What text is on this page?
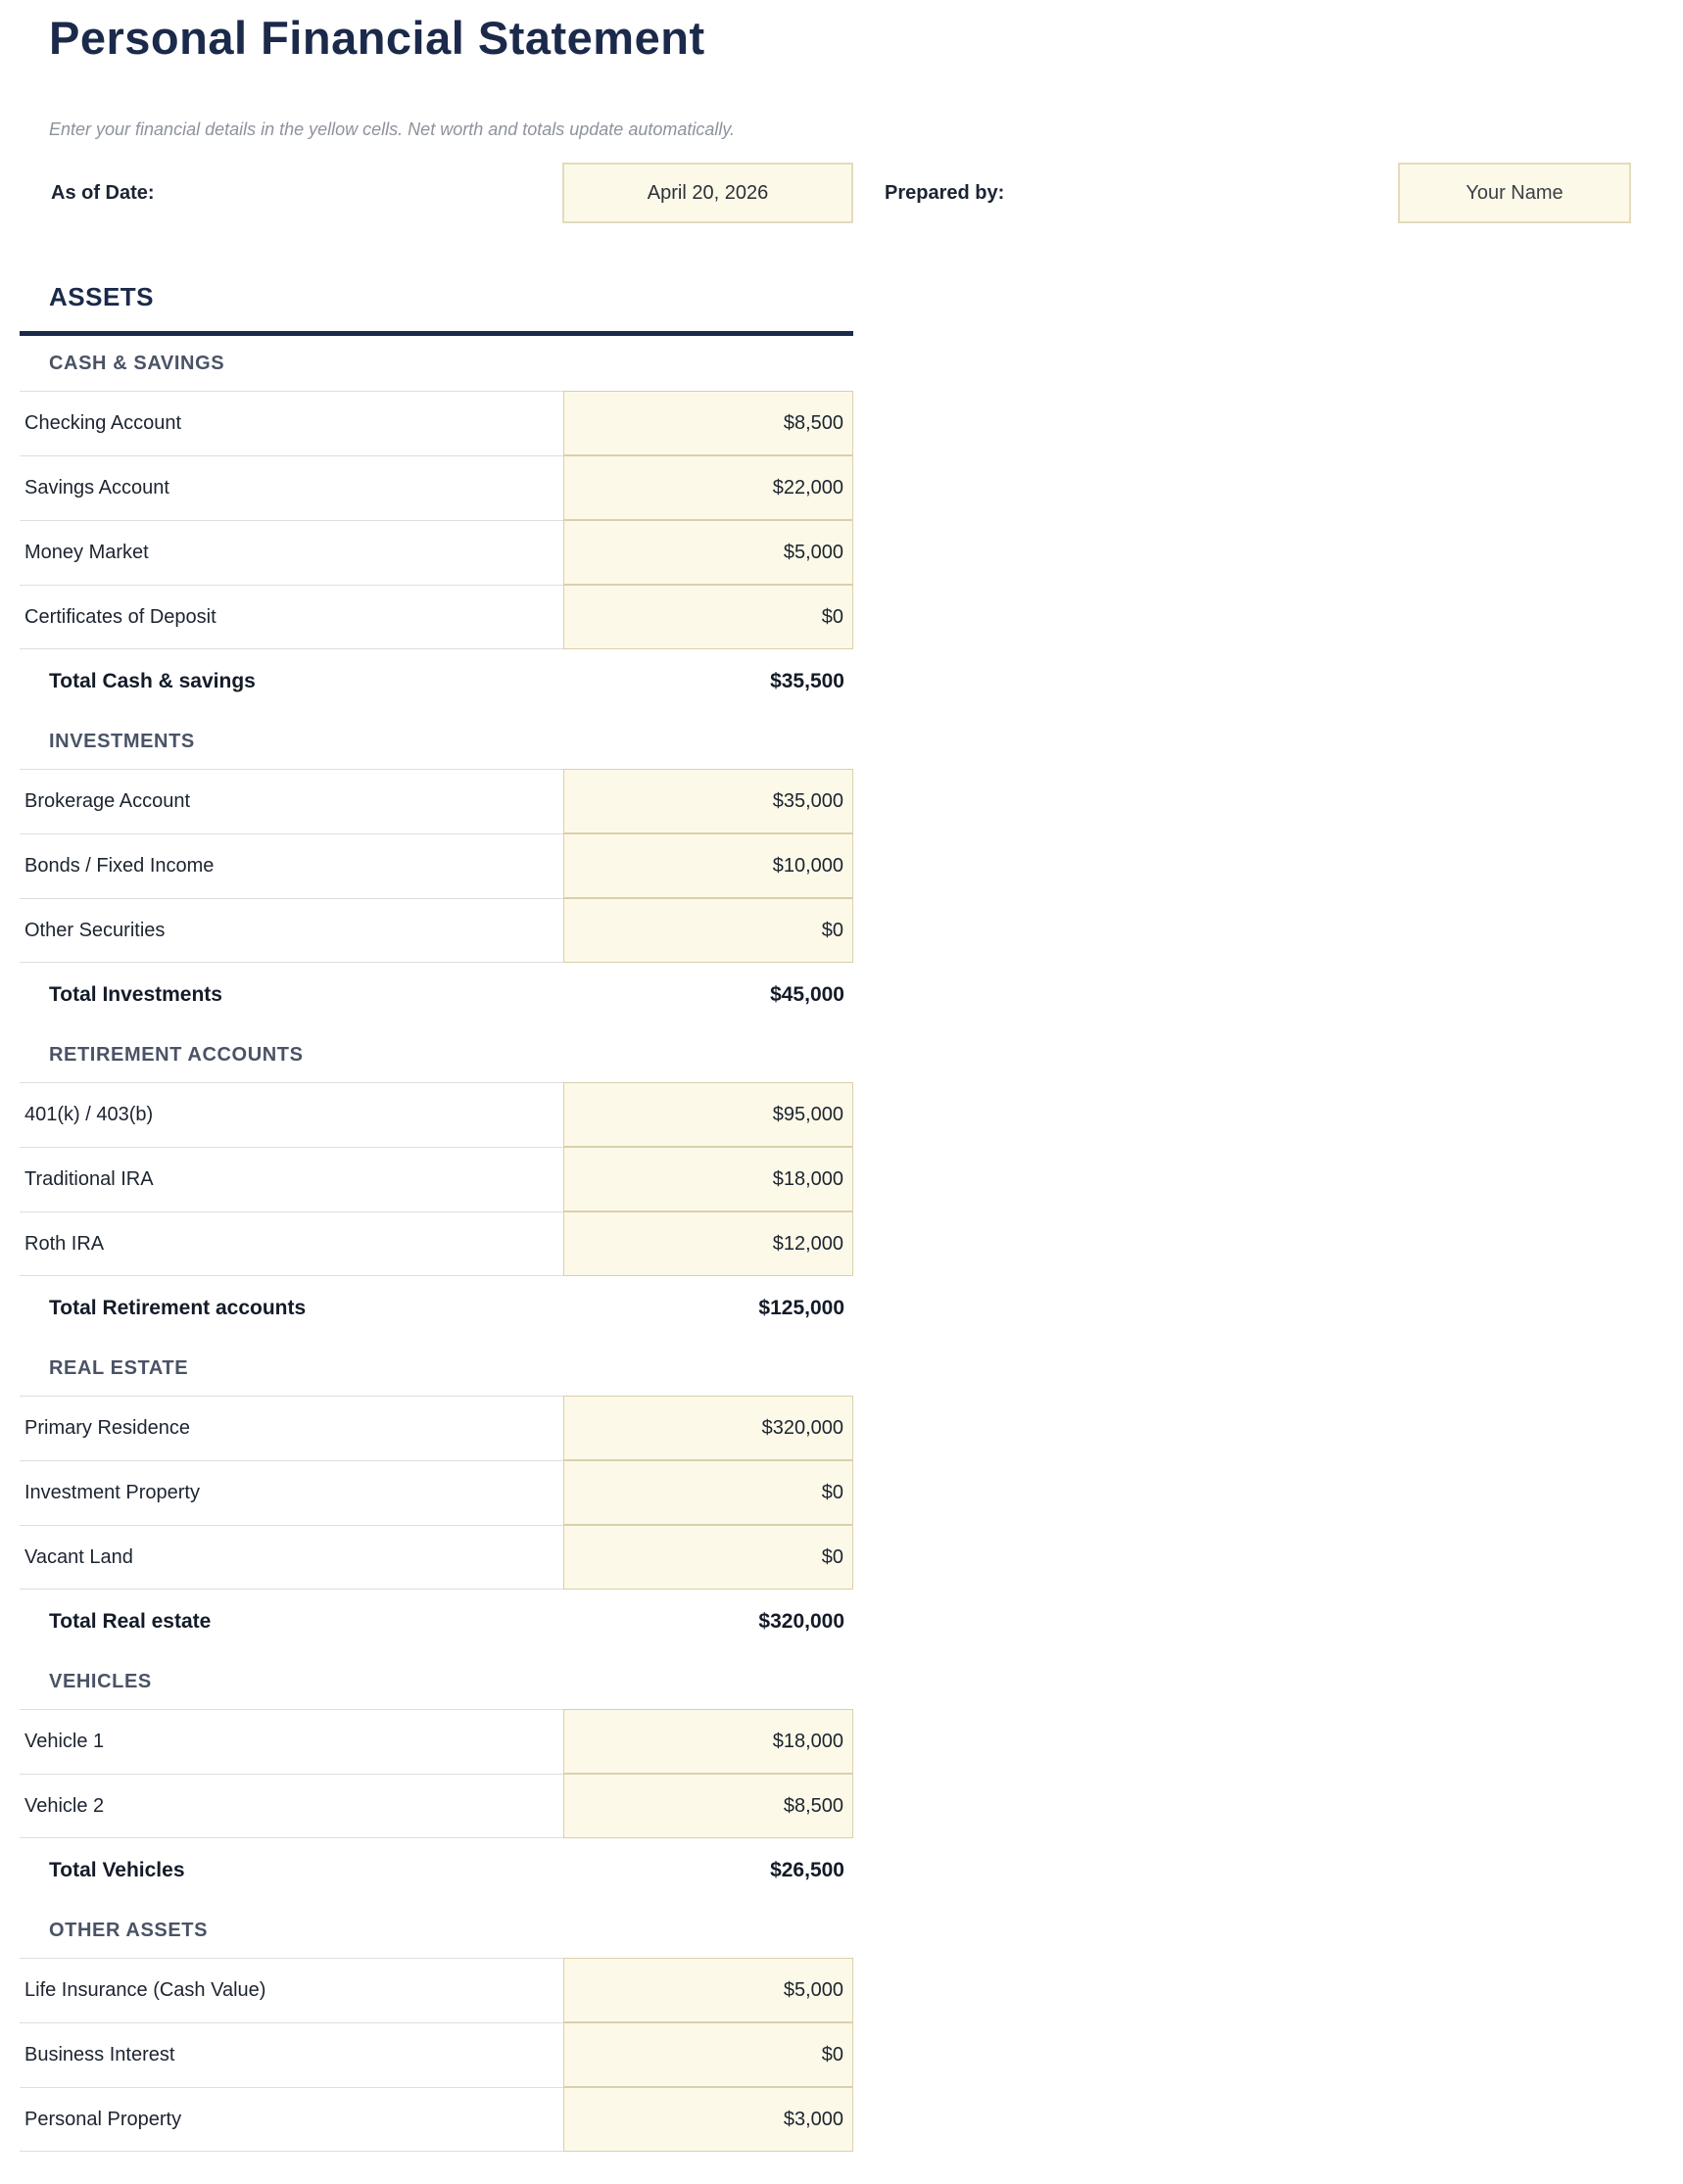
Personal Financial Statement

Enter your financial details in the yellow cells. Net worth and totals update automatically.

As of Date:	April 20, 2026	Prepared by:	Your Name
ASSETS
CASH & SAVINGS
Checking Account	$8,500
Savings Account	$22,000
Money Market	$5,000
Certificates of Deposit	$0
Total Cash & savings	$35,500
INVESTMENTS
Brokerage Account	$35,000
Bonds / Fixed Income	$10,000
Other Securities	$0
Total Investments	$45,000
RETIREMENT ACCOUNTS
401(k) / 403(b)	$95,000
Traditional IRA	$18,000
Roth IRA	$12,000
Total Retirement accounts	$125,000
REAL ESTATE
Primary Residence	$320,000
Investment Property	$0
Vacant Land	$0
Total Real estate	$320,000
VEHICLES
Vehicle 1	$18,000
Vehicle 2	$8,500
Total Vehicles	$26,500
OTHER ASSETS
Life Insurance (Cash Value)	$5,000
Business Interest	$0
Personal Property	$3,000
